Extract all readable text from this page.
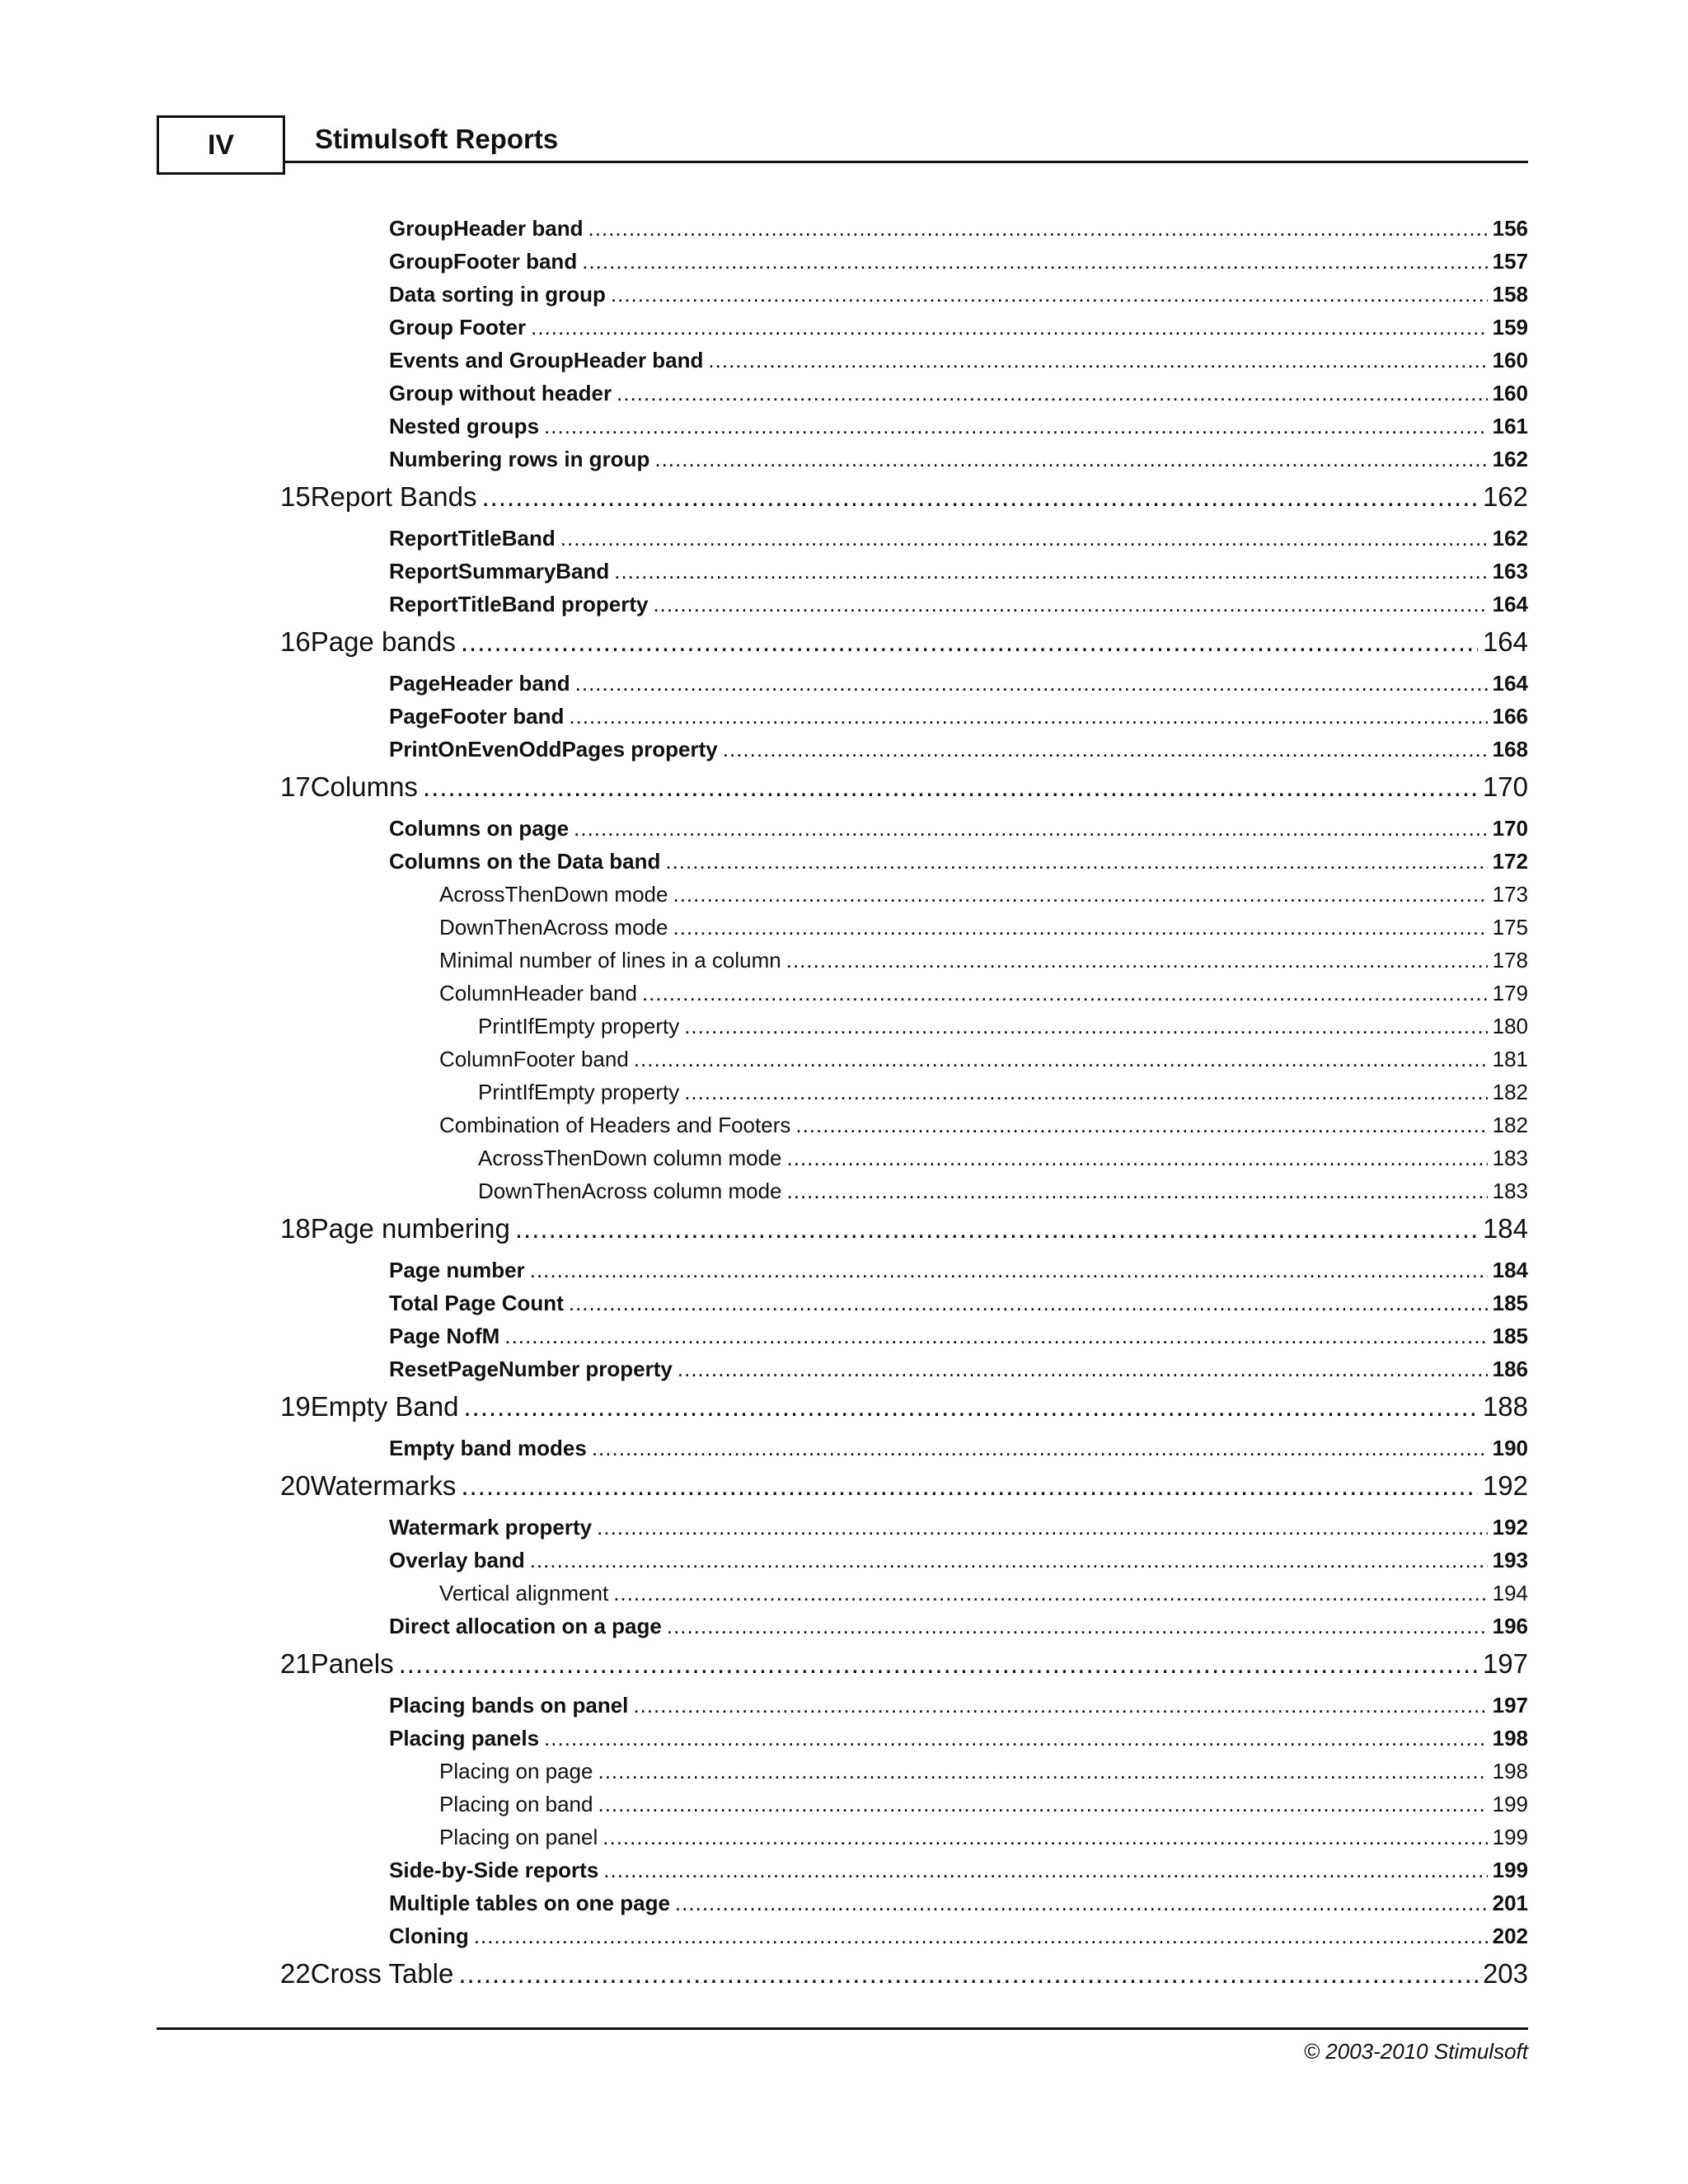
IV	Stimulsoft Reports
GroupHeader band .....	156
GroupFooter band .....	157
Data sorting in group .....	158
Group Footer .....	159
Events and GroupHeader band .....	160
Group without header .....	160
Nested groups .....	161
Numbering rows in group .....	162
15 Report Bands .....	162
ReportTitleBand .....	162
ReportSummaryBand .....	163
ReportTitleBand property .....	164
16 Page bands .....	164
PageHeader band .....	164
PageFooter band .....	166
PrintOnEvenOddPages property .....	168
17 Columns .....	170
Columns on page .....	170
Columns on the Data band .....	172
AcrossThenDown mode .....	173
DownThenAcross mode .....	175
Minimal number of lines in a column .....	178
ColumnHeader band .....	179
PrintIfEmpty property .....	180
ColumnFooter band .....	181
PrintIfEmpty property .....	182
Combination of Headers and Footers .....	182
AcrossThenDown column mode .....	183
DownThenAcross column mode .....	183
18 Page numbering .....	184
Page number .....	184
Total Page Count .....	185
Page NofM .....	185
ResetPageNumber property .....	186
19 Empty Band .....	188
Empty band modes .....	190
20 Watermarks .....	192
Watermark property .....	192
Overlay band .....	193
Vertical alignment .....	194
Direct allocation on a page .....	196
21 Panels .....	197
Placing bands on panel .....	197
Placing panels .....	198
Placing on page .....	198
Placing on band .....	199
Placing on panel .....	199
Side-by-Side reports .....	199
Multiple tables on one page .....	201
Cloning .....	202
22 Cross Table .....	203
© 2003-2010 Stimulsoft
